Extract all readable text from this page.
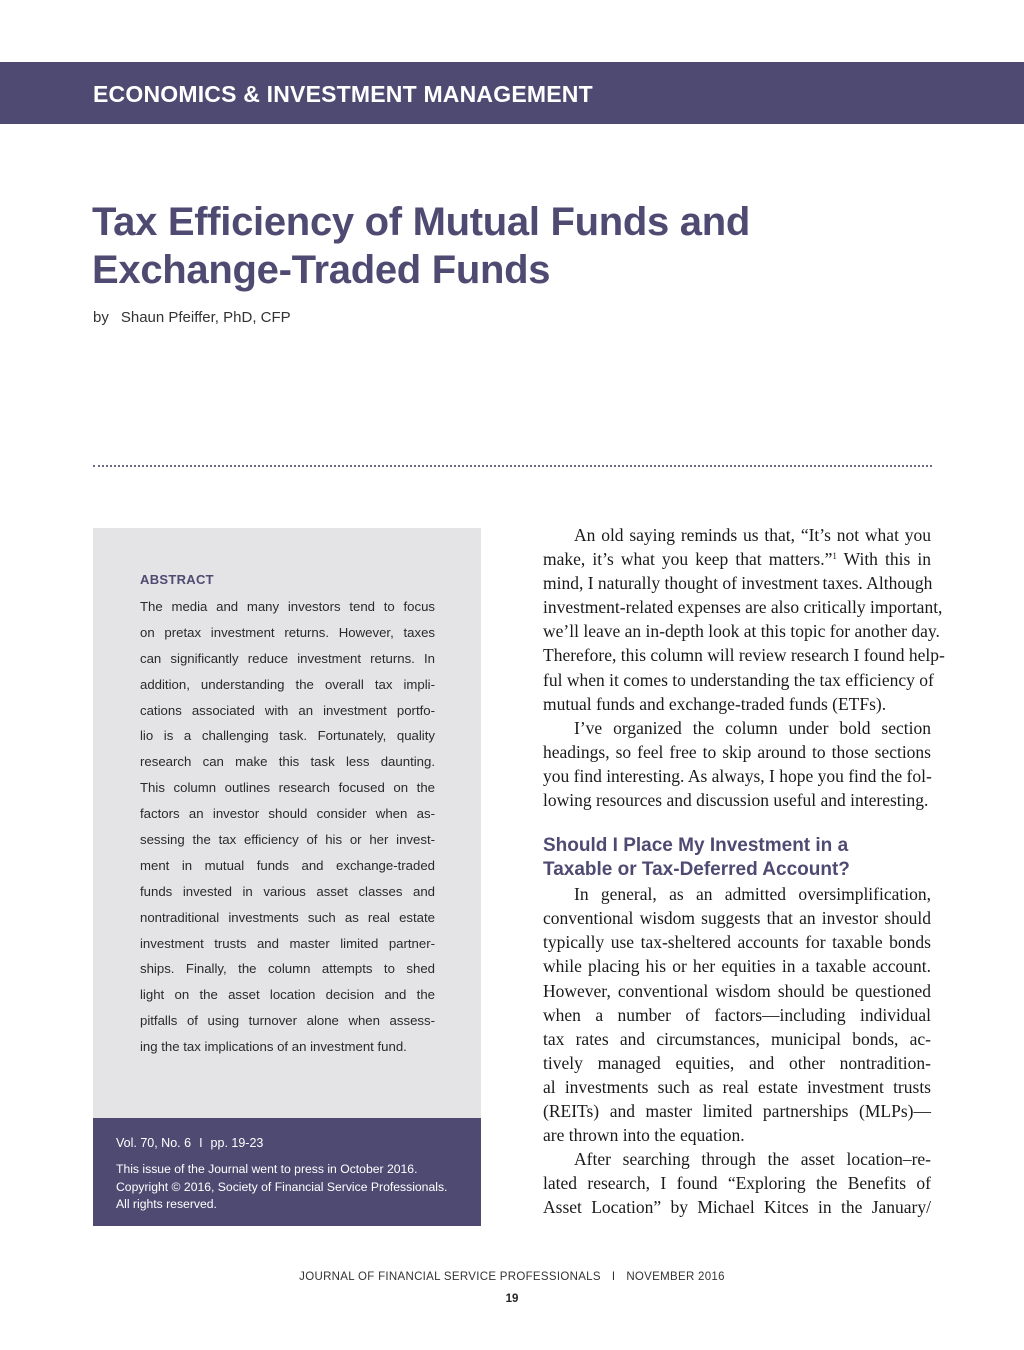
ECONOMICS & INVESTMENT MANAGEMENT
Tax Efficiency of Mutual Funds and
Exchange-Traded Funds
by Shaun Pfeiffer, PhD, CFP
ABSTRACT
The media and many investors tend to focus
on pretax investment returns. However, taxes
can significantly reduce investment returns. In
addition, understanding the overall tax impli-
cations associated with an investment portfo-
lio is a challenging task. Fortunately, quality
research can make this task less daunting.
This column outlines research focused on the
factors an investor should consider when as-
sessing the tax efficiency of his or her invest-
ment in mutual funds and exchange-traded
funds invested in various asset classes and
nontraditional investments such as real estate
investment trusts and master limited partner-
ships. Finally, the column attempts to shed
light on the asset location decision and the
pitfalls of using turnover alone when assess-
ing the tax implications of an investment fund.
Vol. 70, No. 6 I pp. 19-23
This issue of the Journal went to press in October 2016.
Copyright © 2016, Society of Financial Service Professionals.
All rights reserved.
An old saying reminds us that, “It’s not what you
make, it’s what you keep that matters.”$^1$ With this in
mind, I naturally thought of investment taxes. Although
investment-related expenses are also critically important,
we’ll leave an in-depth look at this topic for another day.
Therefore, this column will review research I found help-
ful when it comes to understanding the tax efficiency of
mutual funds and exchange-traded funds (ETFs).
I’ve organized the column under bold section
headings, so feel free to skip around to those sections
you find interesting. As always, I hope you find the fol-
lowing resources and discussion useful and interesting.
Should I Place My Investment in a
Taxable or Tax-Deferred Account?
In general, as an admitted oversimplification,
conventional wisdom suggests that an investor should
typically use tax-sheltered accounts for taxable bonds
while placing his or her equities in a taxable account.
However, conventional wisdom should be questioned
when a number of factors—including individual
tax rates and circumstances, municipal bonds, ac-
tively managed equities, and other nontradition-
al investments such as real estate investment trusts
(REITs) and master limited partnerships (MLPs)—
are thrown into the equation.
After searching through the asset location–re-
lated research, I found “Exploring the Benefits of
Asset Location” by Michael Kitces in the January/
JOURNAL OF FINANCIAL SERVICE PROFESSIONALS I NOVEMBER 2016
19
